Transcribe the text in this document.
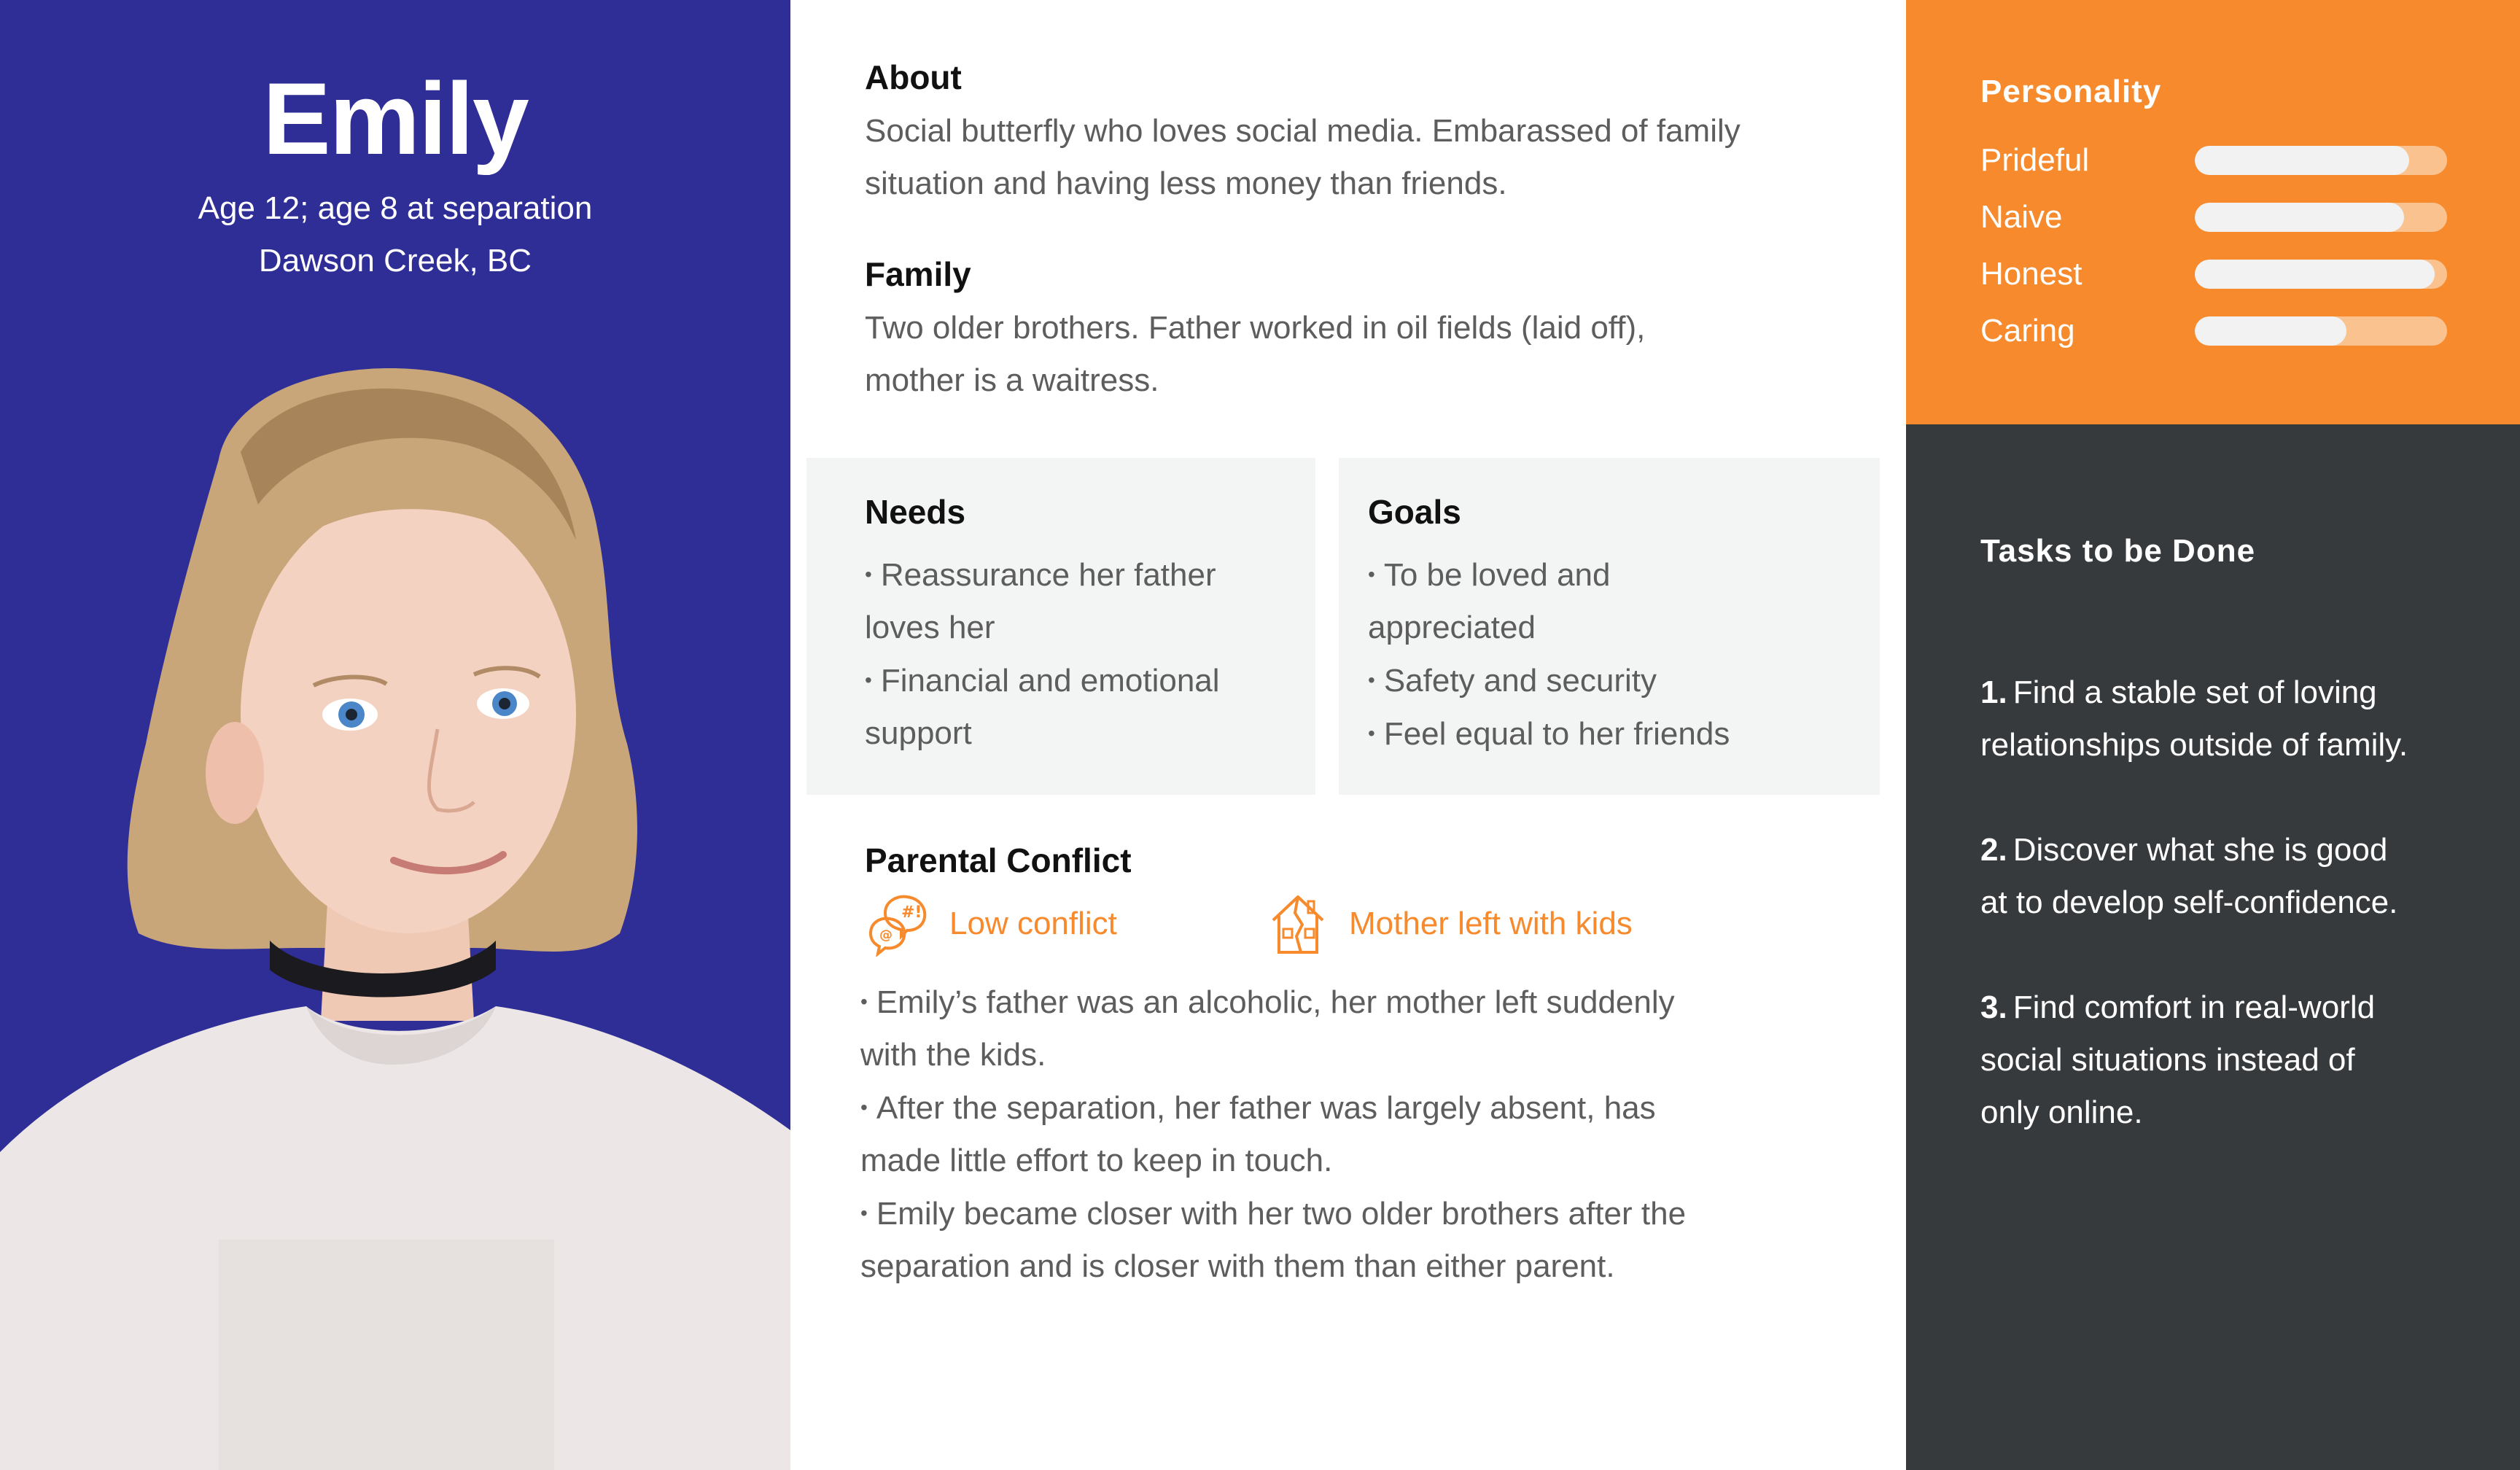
Emily
Age 12; age 8 at separation
Dawson Creek, BC
About
Social butterfly who loves social media. Embarassed of family
situation and having less money than friends.
Family
Two older brothers. Father worked in oil fields (laid off),
mother is a waitress.
Needs
• Reassurance her father
loves her
• Financial and emotional
support
Goals
• To be loved and
appreciated
• Safety and security
• Feel equal to her friends
Parental Conflict
#!
@ Low conflict	Mother left with kids
• Emily’s father was an alcoholic, her mother left suddenly
with the kids.
• After the separation, her father was largely absent, has
made little effort to keep in touch.
• Emily became closer with her two older brothers after the
separation and is closer with them than either parent.
Personality
Prideful
Naive
Honest
Caring
Tasks to be Done
1. Find a stable set of loving
relationships outside of family.
2. Discover what she is good
at to develop self-confidence.
3. Find comfort in real-world
social situations instead of
only online.
